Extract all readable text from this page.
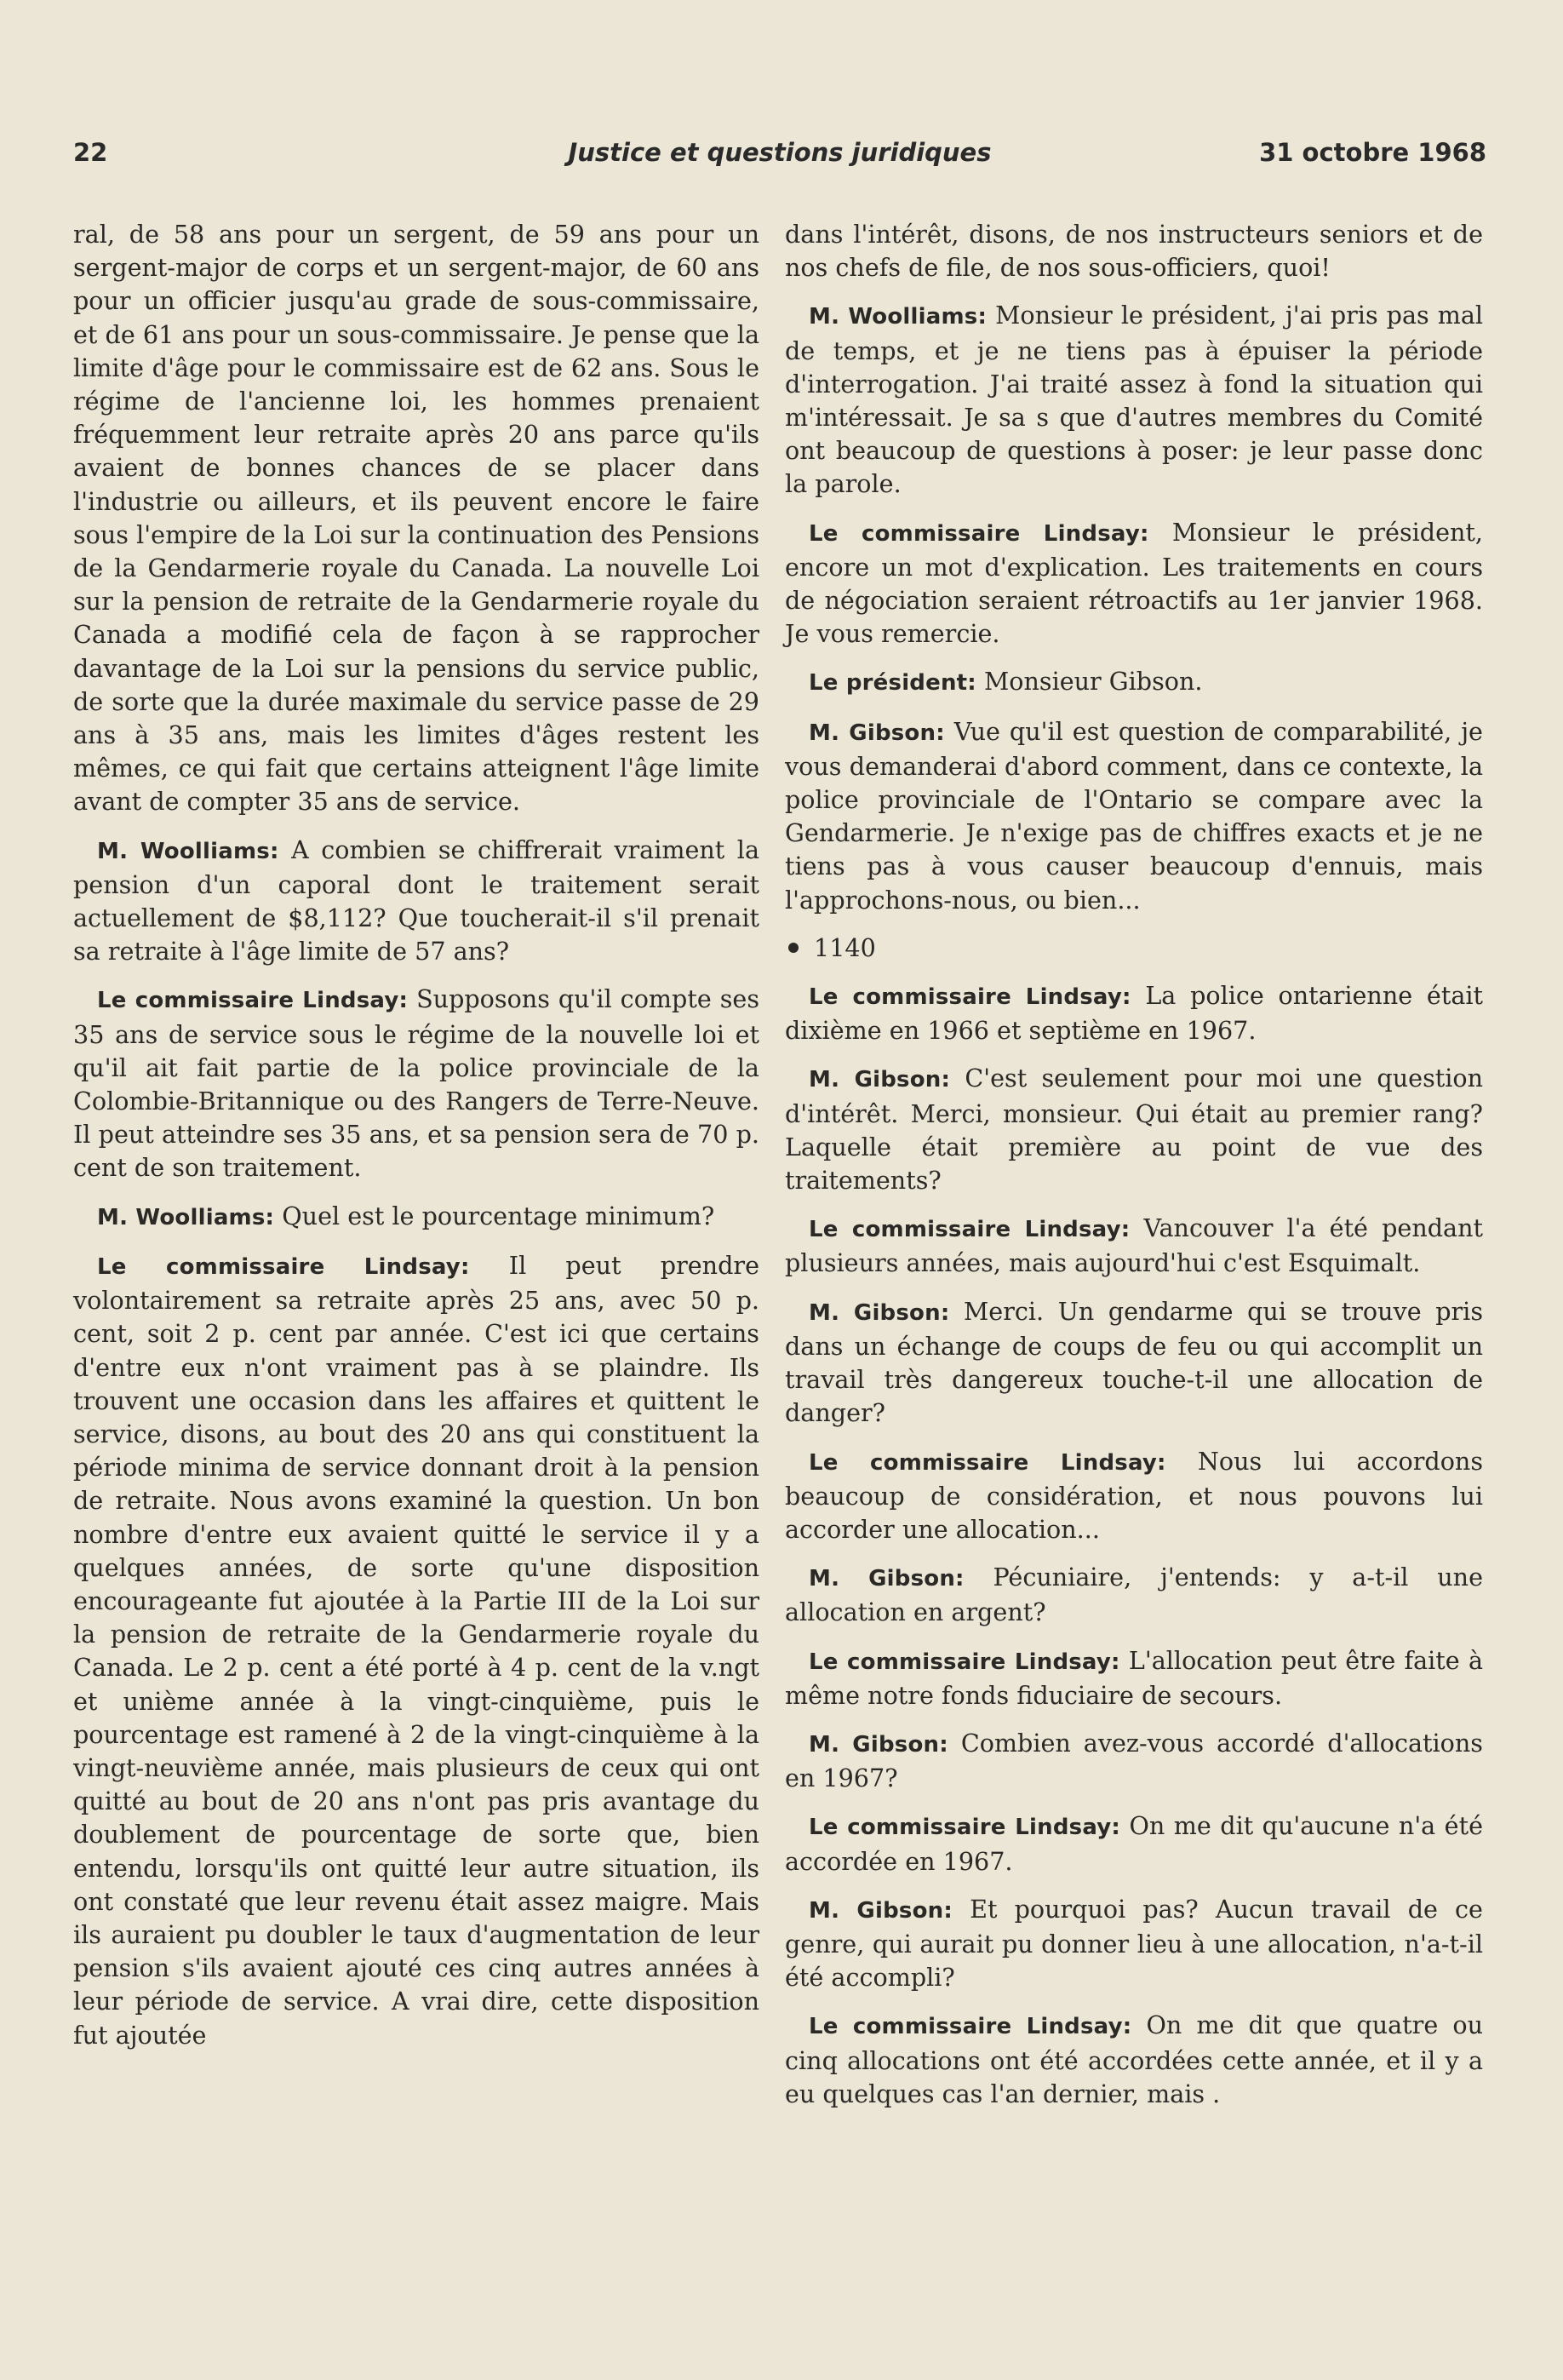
22	Justice et questions juridiques	31 octobre 1968

ral, de 58 ans pour un sergent, de 59 ans pour un sergent-major de corps et un sergent-major, de 60 ans pour un officier jusqu'au grade de sous-commissaire, et de 61 ans pour un sous-commissaire. Je pense que la limite d'âge pour le commissaire est de 62 ans. Sous le régime de l'ancienne loi, les hommes prenaient fréquemment leur retraite après 20 ans parce qu'ils avaient de bonnes chances de se placer dans l'industrie ou ailleurs, et ils peuvent encore le faire sous l'empire de la Loi sur la continuation des Pensions de la Gendarmerie royale du Canada. La nouvelle Loi sur la pension de retraite de la Gendarmerie royale du Canada a modifié cela de façon à se rapprocher davantage de la Loi sur la pensions du service public, de sorte que la durée maximale du service passe de 29 ans à 35 ans, mais les limites d'âges restent les mêmes, ce qui fait que certains atteignent l'âge limite avant de compter 35 ans de service.

M. Woolliams: A combien se chiffrerait vraiment la pension d'un caporal dont le traitement serait actuellement de $8,112? Que toucherait-il s'il prenait sa retraite à l'âge limite de 57 ans?

Le commissaire Lindsay: Supposons qu'il compte ses 35 ans de service sous le régime de la nouvelle loi et qu'il ait fait partie de la police provinciale de la Colombie-Britannique ou des Rangers de Terre-Neuve. Il peut atteindre ses 35 ans, et sa pension sera de 70 p. cent de son traitement.

M. Woolliams: Quel est le pourcentage minimum?

Le commissaire Lindsay: Il peut prendre volontairement sa retraite après 25 ans, avec 50 p. cent, soit 2 p. cent par année. C'est ici que certains d'entre eux n'ont vraiment pas à se plaindre. Ils trouvent une occasion dans les affaires et quittent le service, disons, au bout des 20 ans qui constituent la période minima de service donnant droit à la pension de retraite. Nous avons examiné la question. Un bon nombre d'entre eux avaient quitté le service il y a quelques années, de sorte qu'une disposition encourageante fut ajoutée à la Partie III de la Loi sur la pension de retraite de la Gendarmerie royale du Canada. Le 2 p. cent a été porté à 4 p. cent de la v.ngt et unième année à la vingt-cinquième, puis le pourcentage est ramené à 2 de la vingt-cinquième à la vingt-neuvième année, mais plusieurs de ceux qui ont quitté au bout de 20 ans n'ont pas pris avantage du doublement de pourcentage de sorte que, bien entendu, lorsqu'ils ont quitté leur autre situation, ils ont constaté que leur revenu était assez maigre. Mais ils auraient pu doubler le taux d'augmentation de leur pension s'ils avaient ajouté ces cinq autres années à leur période de service. A vrai dire, cette disposition fut ajoutée

dans l'intérêt, disons, de nos instructeurs seniors et de nos chefs de file, de nos sous-officiers, quoi!

M. Woolliams: Monsieur le président, j'ai pris pas mal de temps, et je ne tiens pas à épuiser la période d'interrogation. J'ai traité assez à fond la situation qui m'intéressait. Je sa s que d'autres membres du Comité ont beaucoup de questions à poser: je leur passe donc la parole.

Le commissaire Lindsay: Monsieur le président, encore un mot d'explication. Les traitements en cours de négociation seraient rétroactifs au 1er janvier 1968. Je vous remercie.

Le président: Monsieur Gibson.

M. Gibson: Vue qu'il est question de comparabilité, je vous demanderai d'abord comment, dans ce contexte, la police provinciale de l'Ontario se compare avec la Gendarmerie. Je n'exige pas de chiffres exacts et je ne tiens pas à vous causer beaucoup d'ennuis, mais l'approchons-nous, ou bien...

1140

Le commissaire Lindsay: La police ontarienne était dixième en 1966 et septième en 1967.

M. Gibson: C'est seulement pour moi une question d'intérêt. Merci, monsieur. Qui était au premier rang? Laquelle était première au point de vue des traitements?

Le commissaire Lindsay: Vancouver l'a été pendant plusieurs années, mais aujourd'hui c'est Esquimalt.

M. Gibson: Merci. Un gendarme qui se trouve pris dans un échange de coups de feu ou qui accomplit un travail très dangereux touche-t-il une allocation de danger?

Le commissaire Lindsay: Nous lui accordons beaucoup de considération, et nous pouvons lui accorder une allocation...

M. Gibson: Pécuniaire, j'entends: y a-t-il une allocation en argent?

Le commissaire Lindsay: L'allocation peut être faite à même notre fonds fiduciaire de secours.

M. Gibson: Combien avez-vous accordé d'allocations en 1967?

Le commissaire Lindsay: On me dit qu'aucune n'a été accordée en 1967.

M. Gibson: Et pourquoi pas? Aucun travail de ce genre, qui aurait pu donner lieu à une allocation, n'a-t-il été accompli?

Le commissaire Lindsay: On me dit que quatre ou cinq allocations ont été accordées cette année, et il y a eu quelques cas l'an dernier, mais .
